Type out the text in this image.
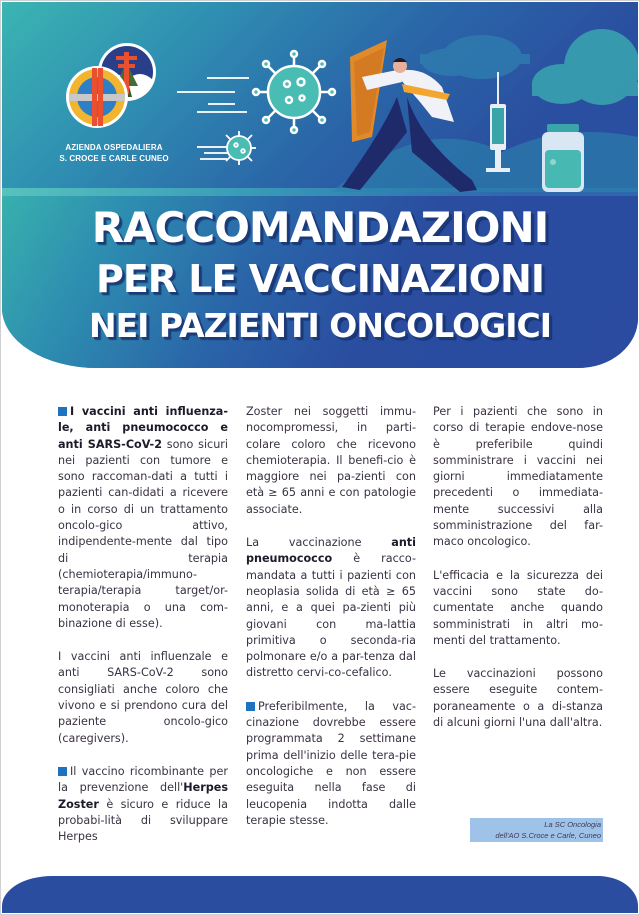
AZIENDA OSPEDALIERA
S. CROCE E CARLE CUNEO
RACCOMANDAZIONI
PER LE VACCINAZIONI
NEI PAZIENTI ONCOLOGICI

I vaccini anti influenza-le, anti pneumococco e anti SARS-CoV-2 sono sicuri nei pazienti con tumore e sono raccoman-dati a tutti i pazienti can-didati a ricevere o in corso di un trattamento oncolo-gico attivo, indipendente-mente dal tipo di terapia (chemioterapia/immuno-terapia/terapia target/or-monoterapia o una com-binazione di esse).

I vaccini anti influenzale e anti SARS-CoV-2 sono consigliati anche coloro che vivono e si prendono cura del paziente oncolo-gico (caregivers).

Il vaccino ricombinante per la prevenzione dell'Herpes Zoster è sicuro e riduce la probabi-lità di sviluppare Herpes

Zoster nei soggetti immu-nocompromessi, in parti-colare coloro che ricevono chemioterapia. Il benefi-cio è maggiore nei pa-zienti con età ≥ 65 anni e con patologie associate.

La vaccinazione anti pneumococco è racco-mandata a tutti i pazienti con neoplasia solida di età ≥ 65 anni, e a quei pa-zienti più giovani con ma-lattia primitiva o seconda-ria polmonare e/o a par-tenza dal distretto cervi-co-cefalico.

Preferibilmente, la vac-cinazione dovrebbe essere programmata 2 settimane prima dell'inizio delle tera-pie oncologiche e non essere eseguita nella fase di leucopenia indotta dalle terapie stesse.

Per i pazienti che sono in corso di terapie endove-nose è preferibile quindi somministrare i vaccini nei giorni immediatamente precedenti o immediata-mente successivi alla somministrazione del far-maco oncologico.

L'efficacia e la sicurezza dei vaccini sono state do-cumentate anche quando somministrati in altri mo-menti del trattamento.

Le vaccinazioni possono essere eseguite contem-poraneamente o a di-stanza di alcuni giorni l'una dall'altra.

La SC Oncologia
dell'AO S.Croce e Carle, Cuneo
